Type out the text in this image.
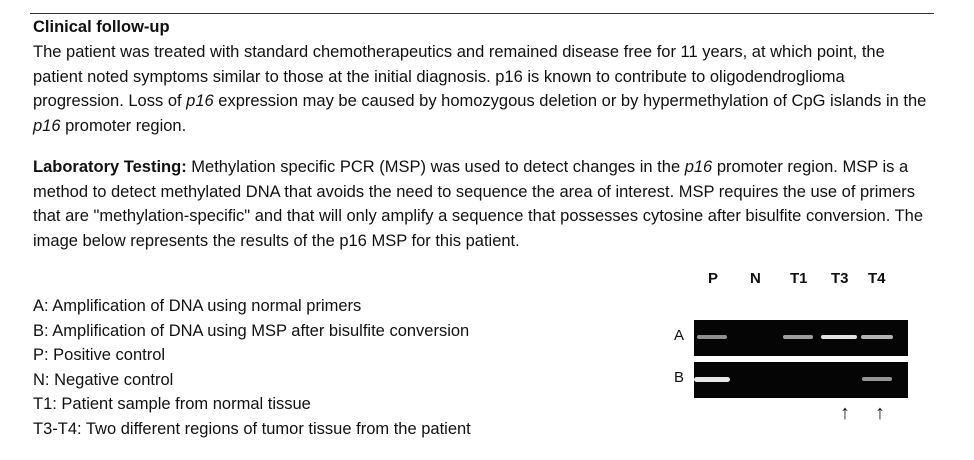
Clinical follow-up
The patient was treated with standard chemotherapeutics and remained disease free for 11 years, at which point, the patient noted symptoms similar to those at the initial diagnosis. p16 is known to contribute to oligodendroglioma progression. Loss of p16 expression may be caused by homozygous deletion or by hypermethylation of CpG islands in the p16 promoter region.
Laboratory Testing: Methylation specific PCR (MSP) was used to detect changes in the p16 promoter region. MSP is a method to detect methylated DNA that avoids the need to sequence the area of interest. MSP requires the use of primers that are "methylation-specific" and that will only amplify a sequence that possesses cytosine after bisulfite conversion. The image below represents the results of the p16 MSP for this patient.
A: Amplification of DNA using normal primers
B: Amplification of DNA using MSP after bisulfite conversion
P: Positive control
N: Negative control
T1: Patient sample from normal tissue
T3-T4: Two different regions of tumor tissue from the patient
P N T1 T3 T4
A
B
↑ ↑
